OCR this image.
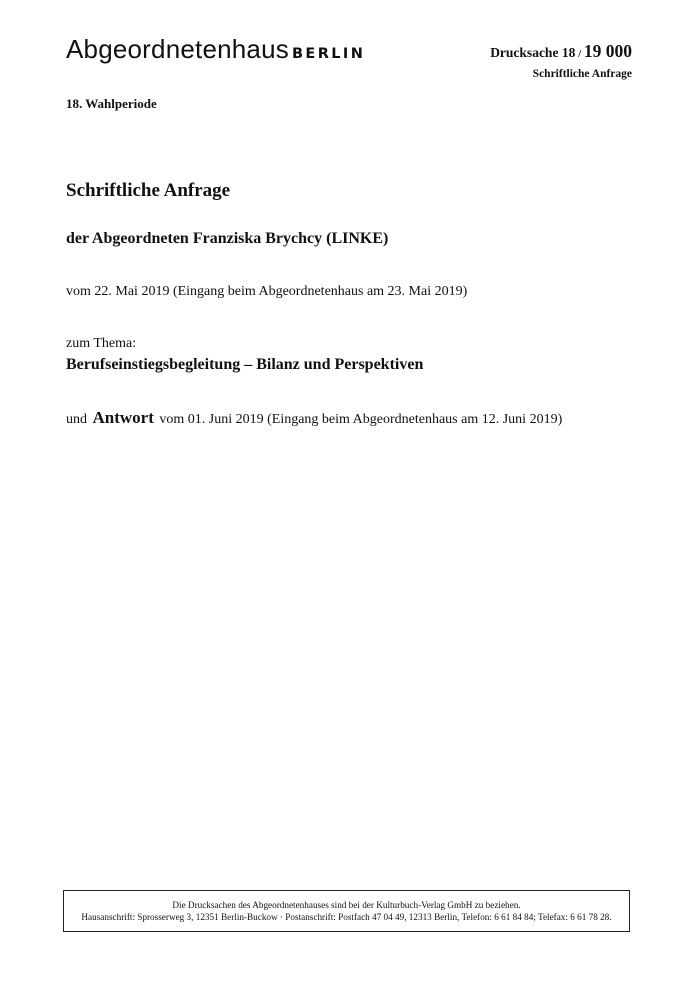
Abgeordnetenhaus BERLIN	Drucksache 18 / 19 000
Schriftliche Anfrage
18. Wahlperiode
Schriftliche Anfrage
der Abgeordneten Franziska Brychcy (LINKE)
vom 22. Mai 2019 (Eingang beim Abgeordnetenhaus am 23. Mai 2019)
zum Thema:
Berufseinstiegsbegleitung – Bilanz und Perspektiven
und Antwort vom 01. Juni 2019 (Eingang beim Abgeordnetenhaus am 12. Juni 2019)
Die Drucksachen des Abgeordnetenhauses sind bei der Kulturbuch-Verlag GmbH zu beziehen.
Hausanschrift: Sprosserweg 3, 12351 Berlin-Buckow · Postanschrift: Postfach 47 04 49, 12313 Berlin, Telefon: 6 61 84 84; Telefax: 6 61 78 28.
